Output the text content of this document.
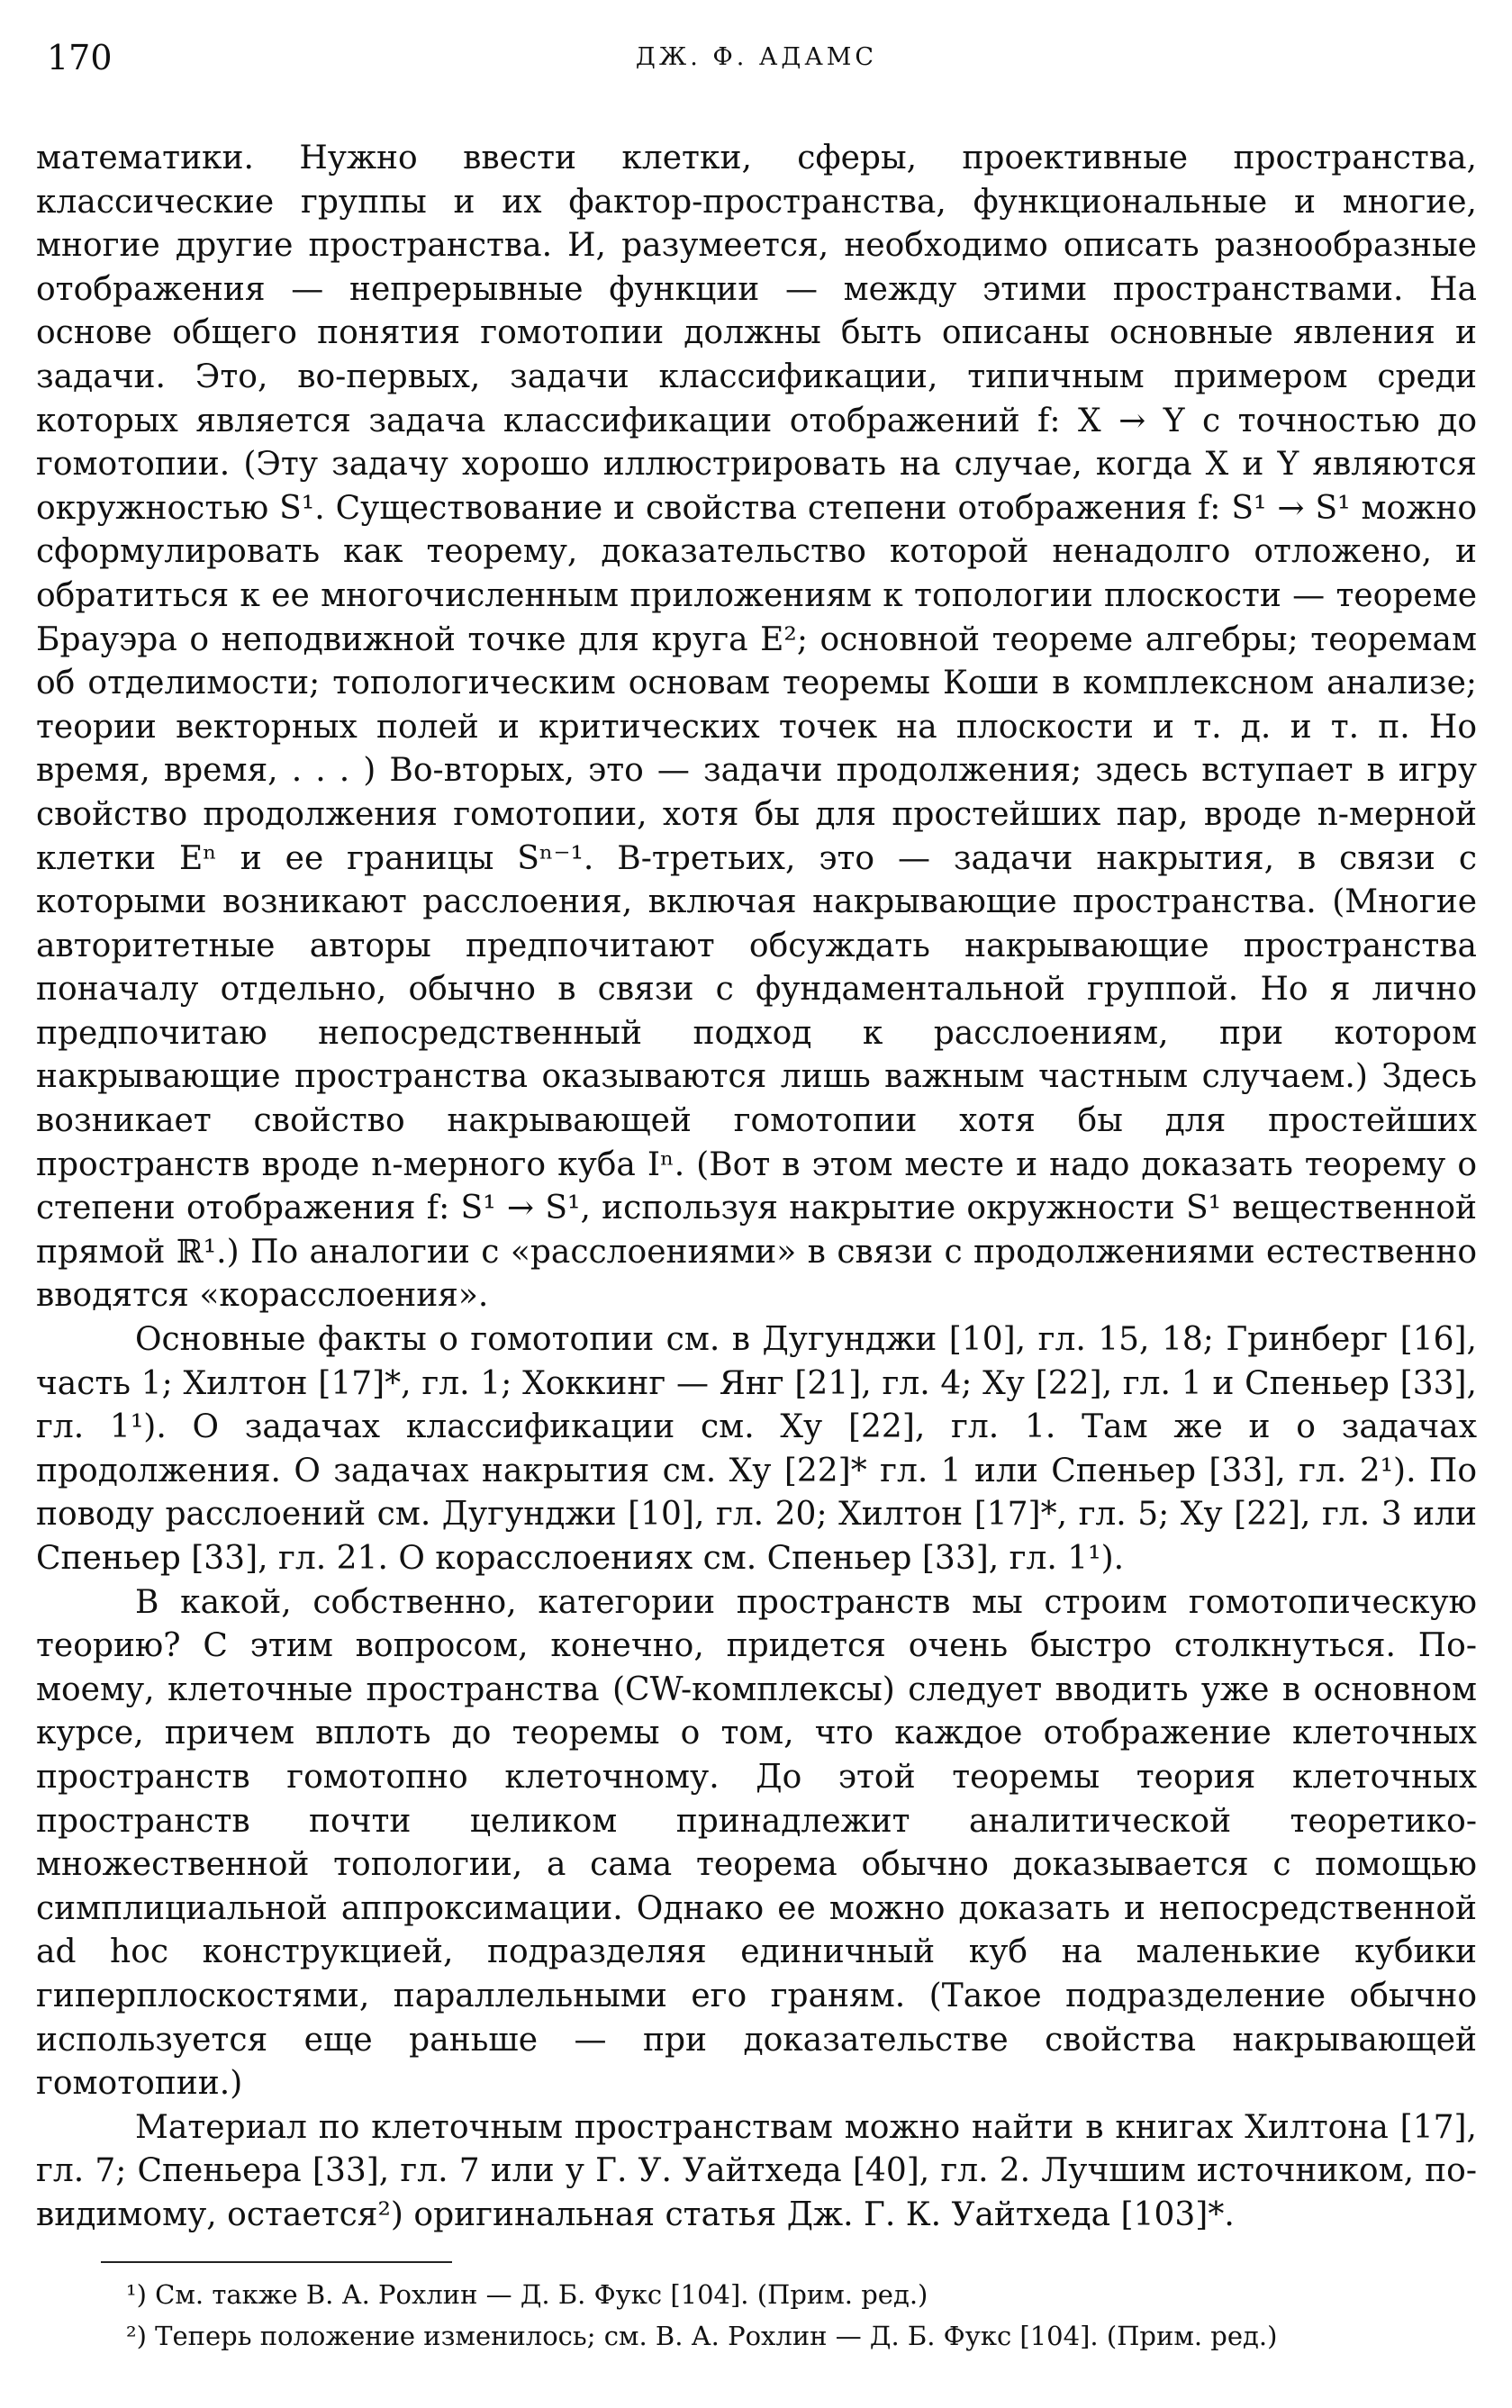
170	ДЖ. Ф. АДАМС

математики. Нужно ввести клетки, сферы, проективные пространства, классические группы и их фактор-пространства, функциональные и многие, многие другие пространства. И, разумеется, необходимо описать разнообразные отображения — непрерывные функции — между этими пространствами. На основе общего понятия гомотопии должны быть описаны основные явления и задачи. Это, во-первых, задачи классификации, типичным примером среди которых является задача классификации отображений f: X → Y с точностью до гомотопии. (Эту задачу хорошо иллюстрировать на случае, когда X и Y являются окружностью S¹. Существование и свойства степени отображения f: S¹ → S¹ можно сформулировать как теорему, доказательство которой ненадолго отложено, и обратиться к ее многочисленным приложениям к топологии плоскости — теореме Брауэра о неподвижной точке для круга E²; основной теореме алгебры; теоремам об отделимости; топологическим основам теоремы Коши в комплексном анализе; теории векторных полей и критических точек на плоскости и т. д. и т. п. Но время, время, . . . ) Во-вторых, это — задачи продолжения; здесь вступает в игру свойство продолжения гомотопии, хотя бы для простейших пар, вроде n-мерной клетки Eⁿ и ее границы Sⁿ⁻¹. В-третьих, это — задачи накрытия, в связи с которыми возникают расслоения, включая накрывающие пространства. (Многие авторитетные авторы предпочитают обсуждать накрывающие пространства поначалу отдельно, обычно в связи с фундаментальной группой. Но я лично предпочитаю непосредственный подход к расслоениям, при котором накрывающие пространства оказываются лишь важным частным случаем.) Здесь возникает свойство накрывающей гомотопии хотя бы для простейших пространств вроде n-мерного куба Iⁿ. (Вот в этом месте и надо доказать теорему о степени отображения f: S¹ → S¹, используя накрытие окружности S¹ вещественной прямой ℝ¹.) По аналогии с «расслоениями» в связи с продолжениями естественно вводятся «корасслоения».

Основные факты о гомотопии см. в Дугунджи [10], гл. 15, 18; Гринберг [16], часть 1; Хилтон [17]*, гл. 1; Хоккинг — Янг [21], гл. 4; Ху [22], гл. 1 и Спеньер [33], гл. 1¹). О задачах классификации см. Ху [22], гл. 1. Там же и о задачах продолжения. О задачах накрытия см. Ху [22]* гл. 1 или Спеньер [33], гл. 2¹). По поводу расслоений см. Дугунджи [10], гл. 20; Хилтон [17]*, гл. 5; Ху [22], гл. 3 или Спеньер [33], гл. 21. О корасслоениях см. Спеньер [33], гл. 1¹).

В какой, собственно, категории пространств мы строим гомотопическую теорию? С этим вопросом, конечно, придется очень быстро столкнуться. По-моему, клеточные пространства (CW-комплексы) следует вводить уже в основном курсе, причем вплоть до теоремы о том, что каждое отображение клеточных пространств гомотопно клеточному. До этой теоремы теория клеточных пространств почти целиком принадлежит аналитической теоретико-множественной топологии, а сама теорема обычно доказывается с помощью симплициальной аппроксимации. Однако ее можно доказать и непосредственной ad hoc конструкцией, подразделяя единичный куб на маленькие кубики гиперплоскостями, параллельными его граням. (Такое подразделение обычно используется еще раньше — при доказательстве свойства накрывающей гомотопии.)

Материал по клеточным пространствам можно найти в книгах Хилтона [17], гл. 7; Спеньера [33], гл. 7 или у Г. У. Уайтхеда [40], гл. 2. Лучшим источником, по-видимому, остается²) оригинальная статья Дж. Г. К. Уайтхеда [103]*.

¹) См. также В. А. Рохлин — Д. Б. Фукс [104]. (Прим. ред.)

²) Теперь положение изменилось; см. В. А. Рохлин — Д. Б. Фукс [104]. (Прим. ред.)
